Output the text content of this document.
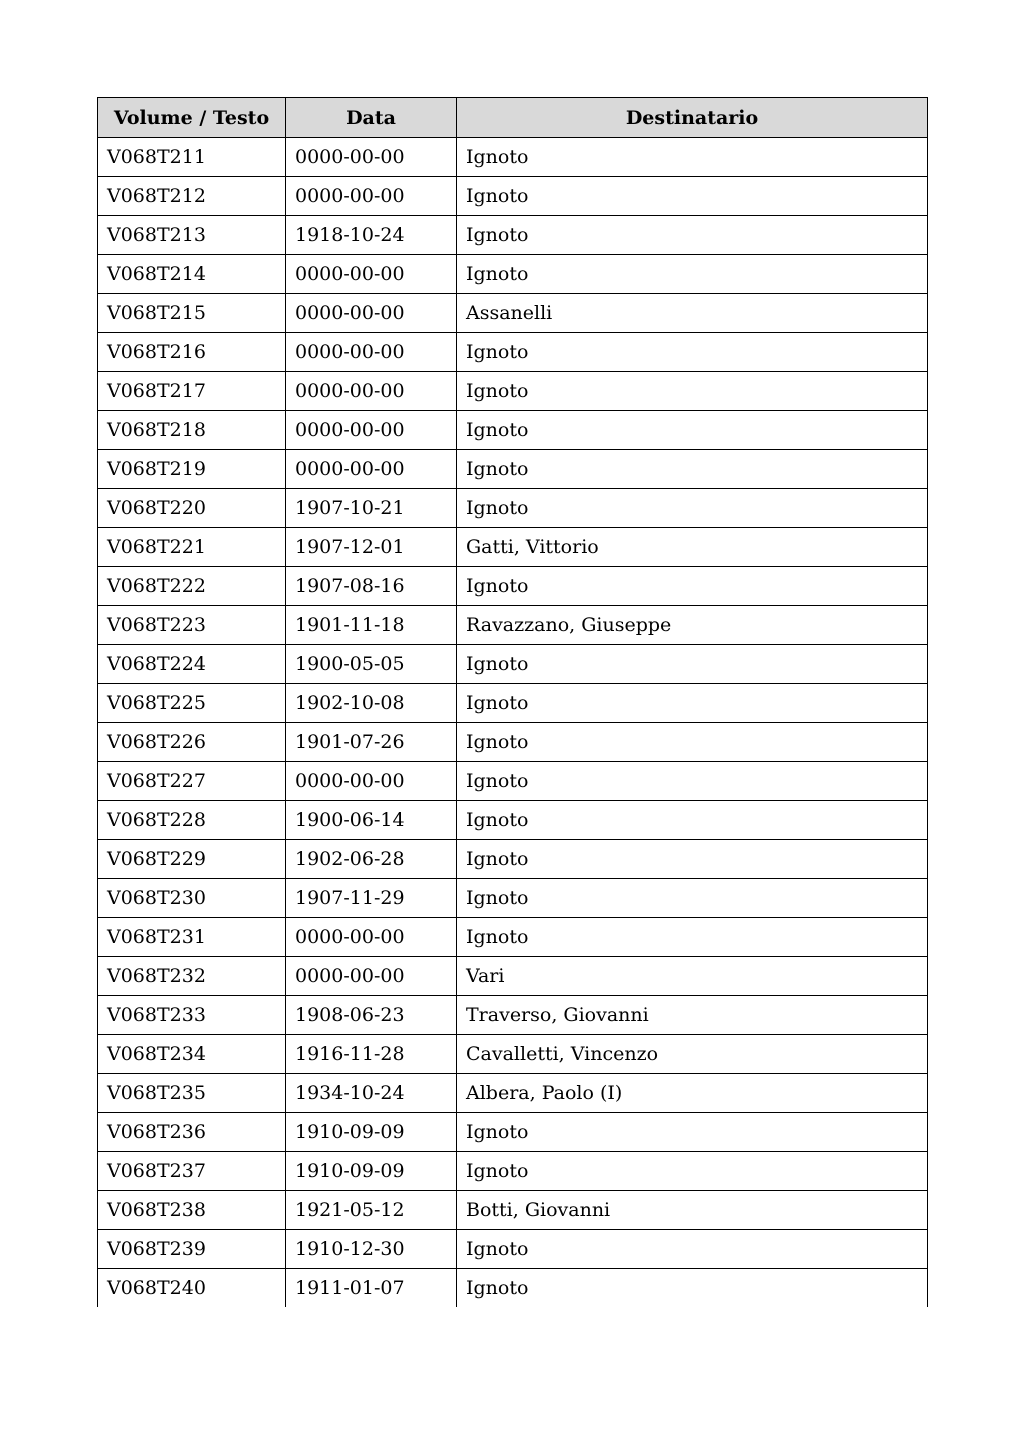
Volume / Testo	Data	Destinatario
V068T211	0000-00-00	Ignoto
V068T212	0000-00-00	Ignoto
V068T213	1918-10-24	Ignoto
V068T214	0000-00-00	Ignoto
V068T215	0000-00-00	Assanelli
V068T216	0000-00-00	Ignoto
V068T217	0000-00-00	Ignoto
V068T218	0000-00-00	Ignoto
V068T219	0000-00-00	Ignoto
V068T220	1907-10-21	Ignoto
V068T221	1907-12-01	Gatti, Vittorio
V068T222	1907-08-16	Ignoto
V068T223	1901-11-18	Ravazzano, Giuseppe
V068T224	1900-05-05	Ignoto
V068T225	1902-10-08	Ignoto
V068T226	1901-07-26	Ignoto
V068T227	0000-00-00	Ignoto
V068T228	1900-06-14	Ignoto
V068T229	1902-06-28	Ignoto
V068T230	1907-11-29	Ignoto
V068T231	0000-00-00	Ignoto
V068T232	0000-00-00	Vari
V068T233	1908-06-23	Traverso, Giovanni
V068T234	1916-11-28	Cavalletti, Vincenzo
V068T235	1934-10-24	Albera, Paolo (I)
V068T236	1910-09-09	Ignoto
V068T237	1910-09-09	Ignoto
V068T238	1921-05-12	Botti, Giovanni
V068T239	1910-12-30	Ignoto
V068T240	1911-01-07	Ignoto
